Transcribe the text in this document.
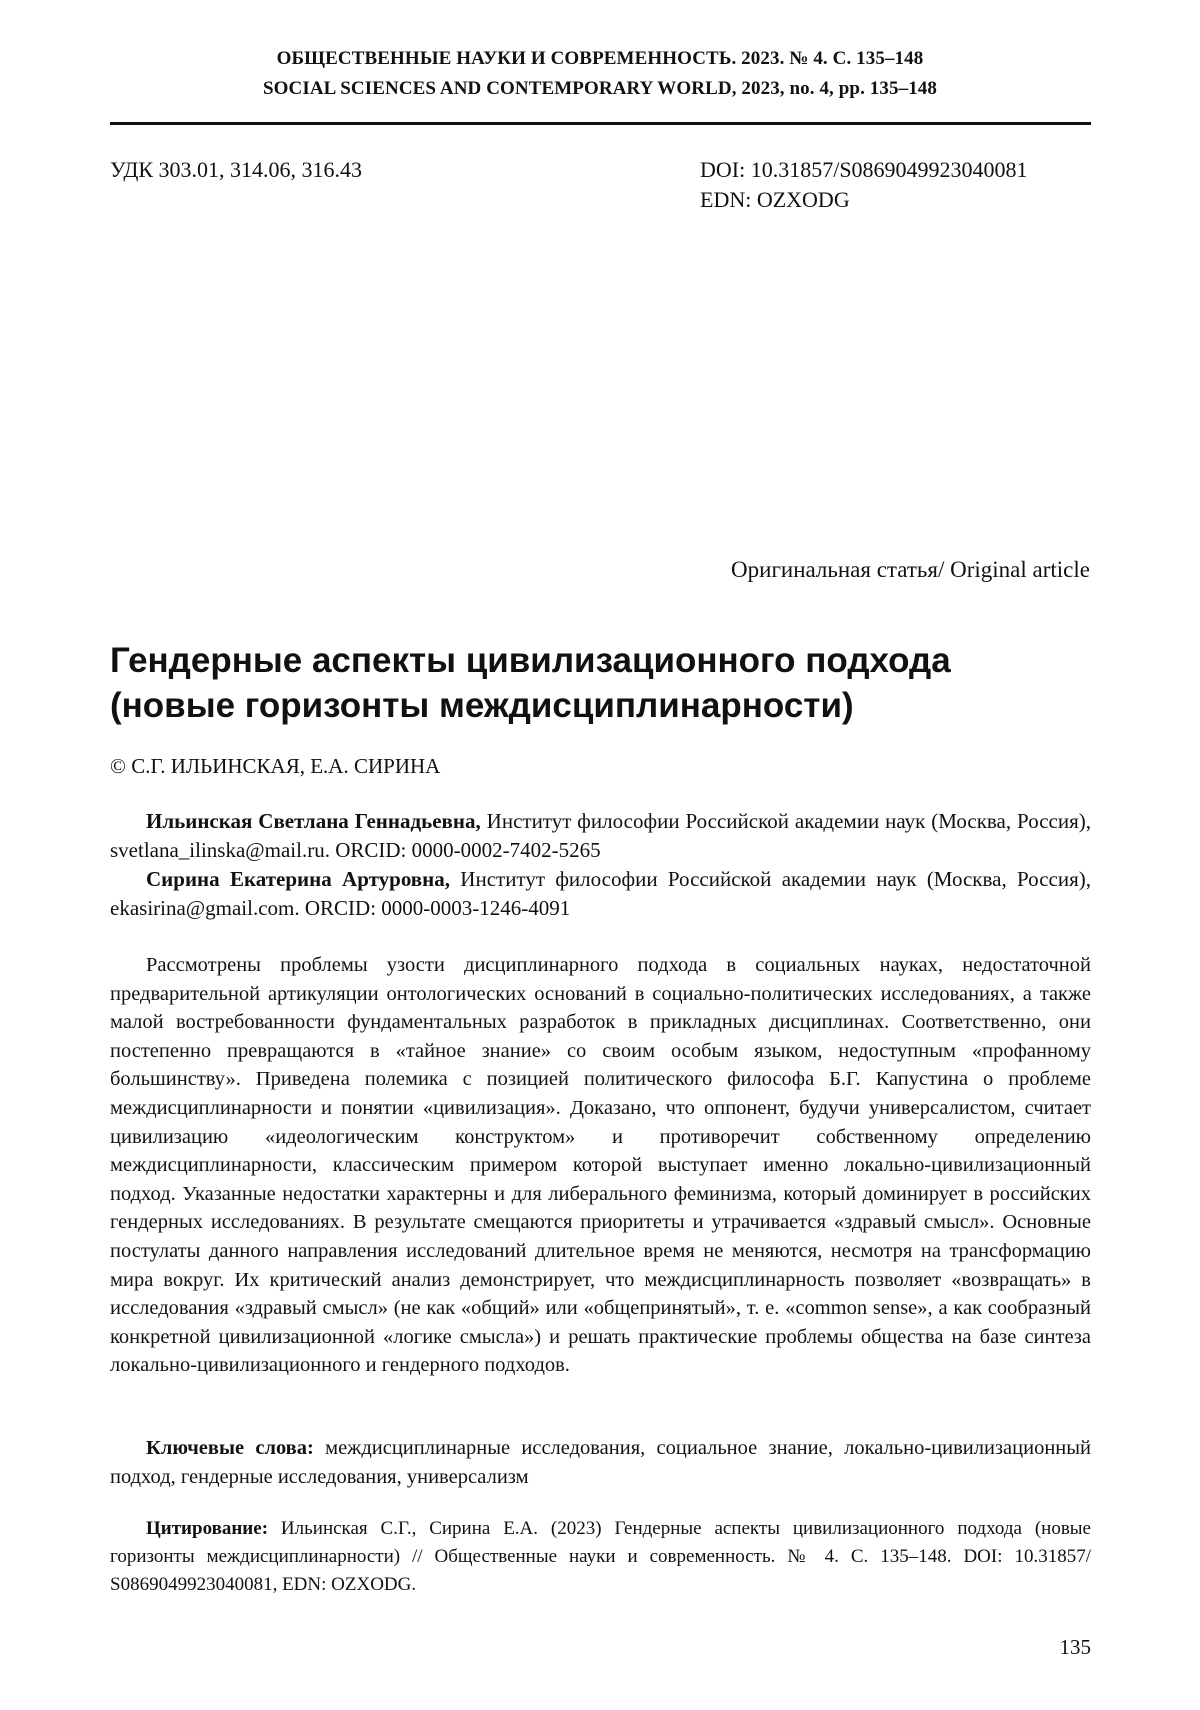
ОБЩЕСТВЕННЫЕ НАУКИ И СОВРЕМЕННОСТЬ. 2023. № 4. С. 135–148
SOCIAL SCIENCES AND CONTEMPORARY WORLD, 2023, no. 4, pp. 135–148
УДК 303.01, 314.06, 316.43	DOI: 10.31857/S086904992304008​1
EDN: OZXODG
Оригинальная статья/ Original article
Гендерные аспекты цивилизационного подхода
(новые горизонты междисциплинарности)
© С.Г. ИЛЬИНСКАЯ, Е.А. СИРИНА

Ильинская Светлана Геннадьевна, Институт философии Российской академии наук (Москва, Россия), svetlana_ilinska@mail.ru. ORCID: 0000-0002-7402-5265

Сирина Екатерина Артуровна, Институт философии Российской академии наук (Москва, Россия), ekasirina@gmail.com. ORCID: 0000-0003-1246-4091

Рассмотрены проблемы узости дисциплинарного подхода в социальных науках, недостаточной предварительной артикуляции онтологических оснований в социально-политических исследованиях, а также малой востребованности фундаментальных разработок в прикладных дисциплинах. Соответственно, они постепенно превращаются в «тайное знание» со своим особым языком, недоступным «профанному большинству». Приведена полемика с позицией политического философа Б.Г. Капустина о проблеме междисциплинарности и понятии «цивилизация». Доказано, что оппонент, будучи универсалистом, считает цивилизацию «идеологическим конструктом» и противоречит собственному определению междисциплинарности, классическим примером которой выступает именно локально-цивилизационный подход. Указанные недостатки характерны и для либерального феминизма, который доминирует в российских гендерных исследованиях. В результате смещаются приоритеты и утрачивается «здравый смысл». Основные постулаты данного направления исследований длительное время не меняются, несмотря на трансформацию мира вокруг. Их критический анализ демонстрирует, что междисциплинарность позволяет «возвращать» в исследования «здравый смысл» (не как «общий» или «общепринятый», т. е. «common sense», а как сообразный конкретной цивилизационной «логике смысла») и решать практические проблемы общества на базе синтеза локально-цивилизационного и гендерного подходов.

Ключевые слова: междисциплинарные исследования, социальное знание, локально-цивилизационный подход, гендерные исследования, универсализм

Цитирование: Ильинская С.Г., Сирина Е.А. (2023) Гендерные аспекты цивилизационного подхода (новые горизонты междисциплинарности) // Общественные науки и современность. № 4. С. 135–148. DOI: 10.31857/ S086904992304008​1, EDN: OZXODG.

135
